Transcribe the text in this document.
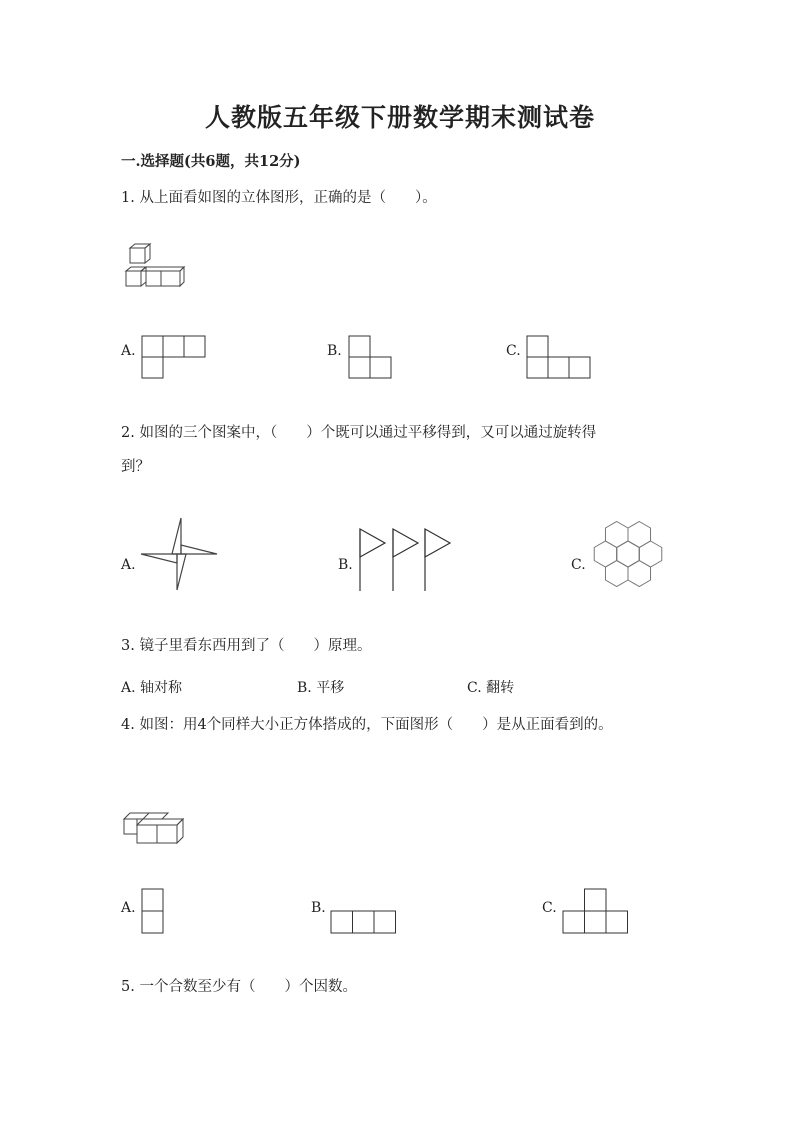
人教版五年级下册数学期末测试卷
一.选择题(共6题，共12分)
1. 从上面看如图的立体图形，正确的是（　　）。
A.	B.	C.
2. 如图的三个图案中，（　　）个既可以通过平移得到，又可以通过旋转得
到？
A.	B.	C.
3. 镜子里看东西用到了（　　）原理。
A. 轴对称	B. 平移	C. 翻转
4. 如图：用4个同样大小正方体搭成的，下面图形（　　）是从正面看到的。
A.	B.	C.
5. 一个合数至少有（　　）个因数。
